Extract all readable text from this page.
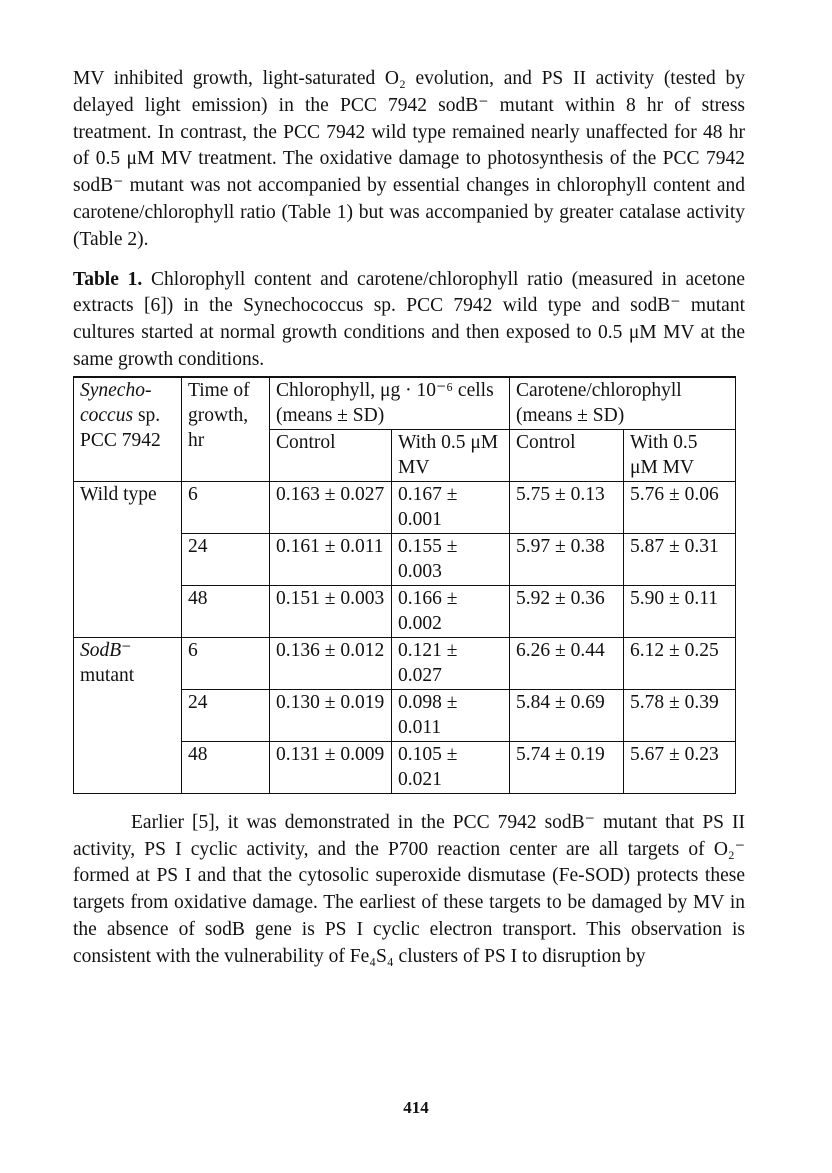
MV inhibited growth, light-saturated O₂ evolution, and PS II activity (tested by delayed light emission) in the PCC 7942 sodB⁻ mutant within 8 hr of stress treatment. In contrast, the PCC 7942 wild type remained nearly unaffected for 48 hr of 0.5 μM MV treatment. The oxidative damage to photosynthesis of the PCC 7942 sodB⁻ mutant was not accompanied by essential changes in chlorophyll content and carotene/chlorophyll ratio (Table 1) but was accompanied by greater catalase activity (Table 2).

Table 1. Chlorophyll content and carotene/chlorophyll ratio (measured in acetone extracts [6]) in the Synechococcus sp. PCC 7942 wild type and sodB⁻ mutant cultures started at normal growth conditions and then exposed to 0.5 μM MV at the same growth conditions.

Synecho-coccus sp. PCC 7942	Time of growth, hr	Chlorophyll, μg · 10⁻⁶ cells (means ± SD)		Carotene/chlorophyll (means ± SD)	
		Control	With 0.5 μM MV	Control	With 0.5 μM MV
Wild type	6	0.163 ± 0.027	0.167 ± 0.001	5.75 ± 0.13	5.76 ± 0.06
	24	0.161 ± 0.011	0.155 ± 0.003	5.97 ± 0.38	5.87 ± 0.31
	48	0.151 ± 0.003	0.166 ± 0.002	5.92 ± 0.36	5.90 ± 0.11
SodB⁻
mutant	6	0.136 ± 0.012	0.121 ± 0.027	6.26 ± 0.44	6.12 ± 0.25
	24	0.130 ± 0.019	0.098 ± 0.011	5.84 ± 0.69	5.78 ± 0.39
	48	0.131 ± 0.009	0.105 ± 0.021	5.74 ± 0.19	5.67 ± 0.23

Earlier [5], it was demonstrated in the PCC 7942 sodB⁻ mutant that PS II activity, PS I cyclic activity, and the P700 reaction center are all targets of O₂⁻ formed at PS I and that the cytosolic superoxide dismutase (Fe-SOD) protects these targets from oxidative damage. The earliest of these targets to be damaged by MV in the absence of sodB gene is PS I cyclic electron transport. This observation is consistent with the vulnerability of Fe₄S₄ clusters of PS I to disruption by

414
